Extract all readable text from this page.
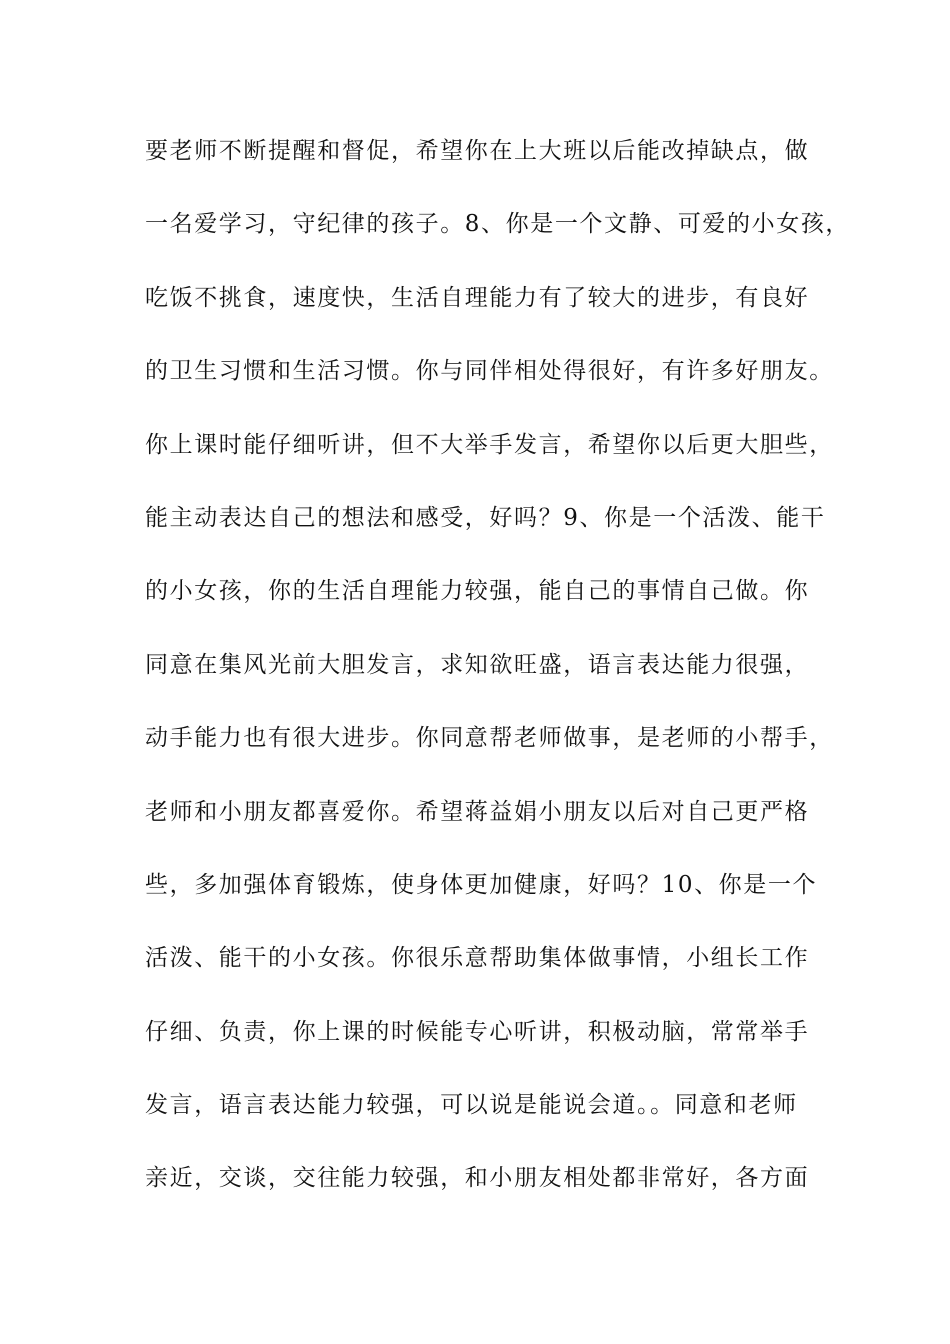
要老师不断提醒和督促，希望你在上大班以后能改掉缺点，做
一名爱学习，守纪律的孩子。8、你是一个文静、可爱的小女孩，
吃饭不挑食，速度快，生活自理能力有了较大的进步，有良好
的卫生习惯和生活习惯。你与同伴相处得很好，有许多好朋友。
你上课时能仔细听讲，但不大举手发言，希望你以后更大胆些，
能主动表达自己的想法和感受，好吗？9、你是一个活泼、能干
的小女孩，你的生活自理能力较强，能自己的事情自己做。你
同意在集风光前大胆发言，求知欲旺盛，语言表达能力很强，
动手能力也有很大进步。你同意帮老师做事，是老师的小帮手，
老师和小朋友都喜爱你。希望蒋益娟小朋友以后对自己更严格
些，多加强体育锻炼，使身体更加健康，好吗？10、你是一个
活泼、能干的小女孩。你很乐意帮助集体做事情，小组长工作
仔细、负责，你上课的时候能专心听讲，积极动脑，常常举手
发言，语言表达能力较强，可以说是能说会道。。同意和老师
亲近，交谈，交往能力较强，和小朋友相处都非常好，各方面
